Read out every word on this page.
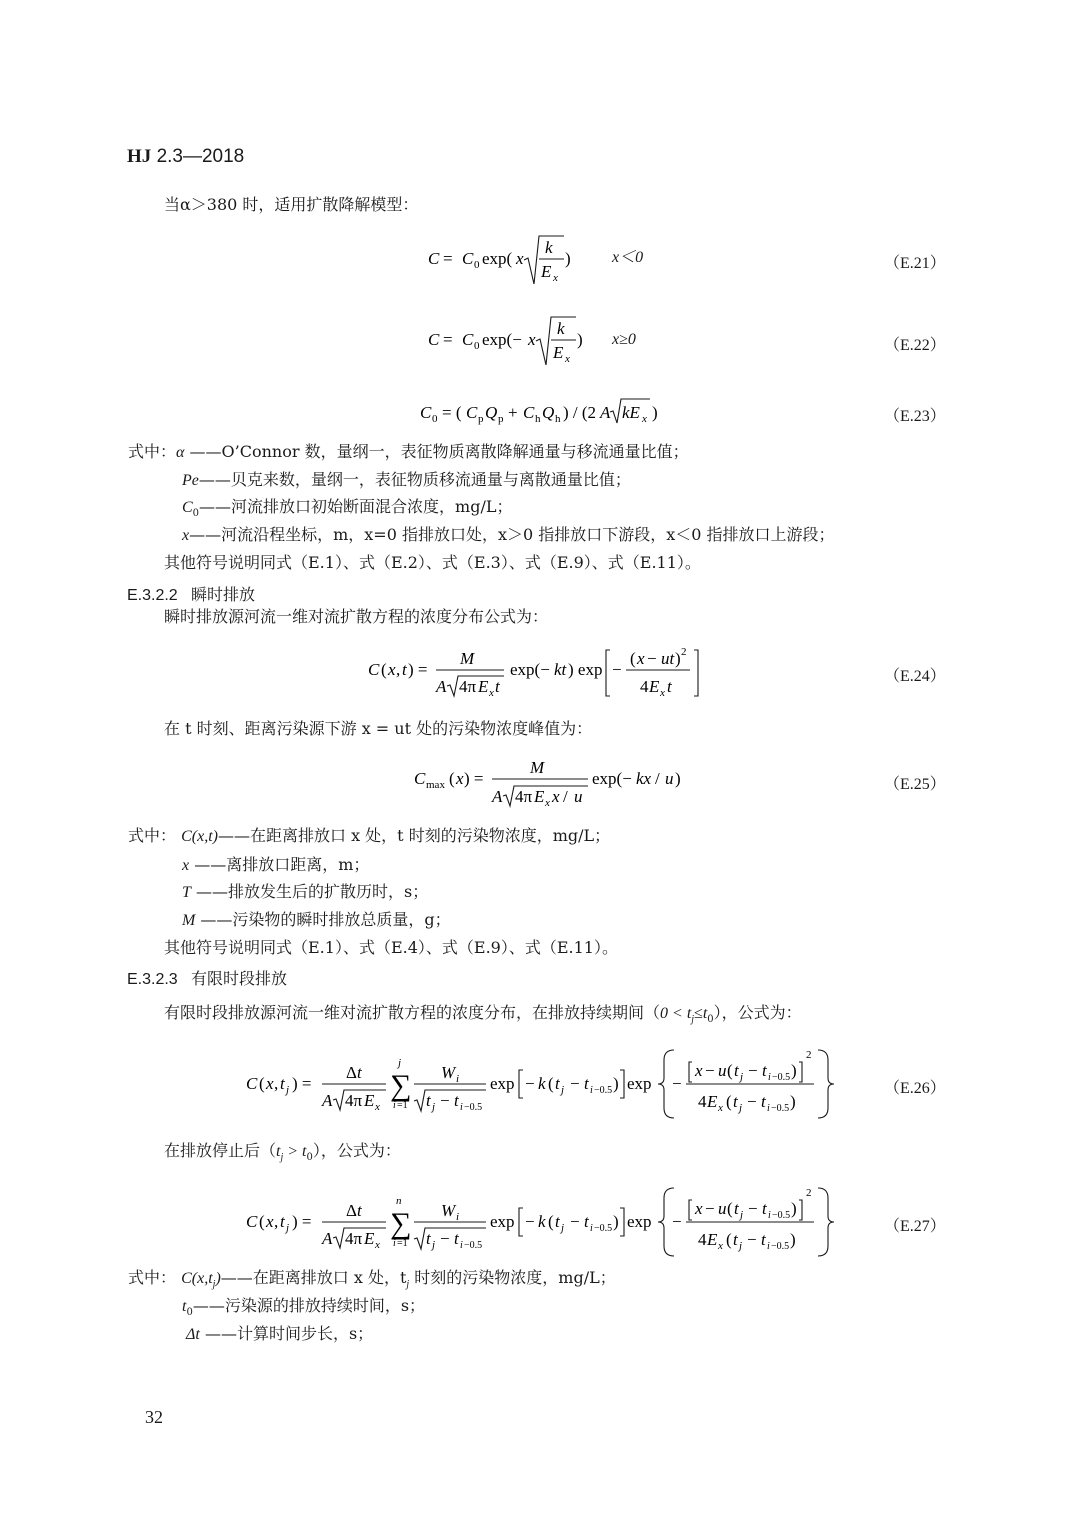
HJ 2.3—2018
当α＞380 时，适用扩散降解模型：
C = C 0 exp( x
k
E x
)	x＜0	（E.21）
C = C 0 exp(− x
k
E x
) x≥0	（E.22）
C 0 = ( C p Q p + C h Q h ) / (2 A kE x )	（E.23）
式中：α ——O’Connor 数，量纲一，表征物质离散降解通量与移流通量比值；
Pe——贝克来数，量纲一，表征物质移流通量与离散通量比值；
$C_0——$河流排放口初始断面混合浓度，mg/L；
x——河流沿程坐标，m，x=0 指排放口处，x＞0 指排放口下游段，x＜0 指排放口上游段；
其他符号说明同式（E.1）、式（E.2）、式（E.3）、式（E.9）、式（E.11）。
E.3.2.2 瞬时排放
瞬时排放源河流一维对流扩散方程的浓度分布公式为：
C ( x , t ) =
M
A 4π E x t
exp(− kt ) exp −
( x − ut ) 2
4 E x t
（E.24）
在 t 时刻、距离污染源下游 x = ut 处的污染物浓度峰值为：
C max ( x ) =
M
A 4π E x x / u
exp(− kx / u )	（E.25）
式中： C(x,t)——在距离排放口 x 处，t 时刻的污染物浓度，mg/L；
x ——离排放口距离，m；
T ——排放发生后的扩散历时，s；
M ——污染物的瞬时排放总质量，g；
其他符号说明同式（E.1）、式（E.4）、式（E.9）、式（E.11）。
E.3.2.3 有限时段排放
有限时段排放源河流一维对流扩散方程的浓度分布，在排放持续期间$(0 < t_j\le t_0)$，公式为：
C ( x , t j ) =
Δ t
A 4π E x
j
∑
i =1
W i
t j − t i −0.5
exp − k ( t j − t i −0.5 ) exp −
x − u ( t j − t i −0.5 )
2
4 E x ( t j − t i −0.5 )
（E.26）
在排放停止后$(t_j > t_0)$，公式为：
C ( x , t j ) =
Δ t
A 4π E x
n
∑
i =1
W i
t j − t i −0.5
exp − k ( t j − t i −0.5 ) exp −
x − u ( t j − t i −0.5 )
2
4 E x ( t j − t i −0.5 )
（E.27）
式中： $C(x,t_j)——$在距离排放口 x 处，$t_j$ 时刻的污染物浓度，mg/L；
$t_0——$污染源的排放持续时间，s；
Δt ——计算时间步长，s；
32
